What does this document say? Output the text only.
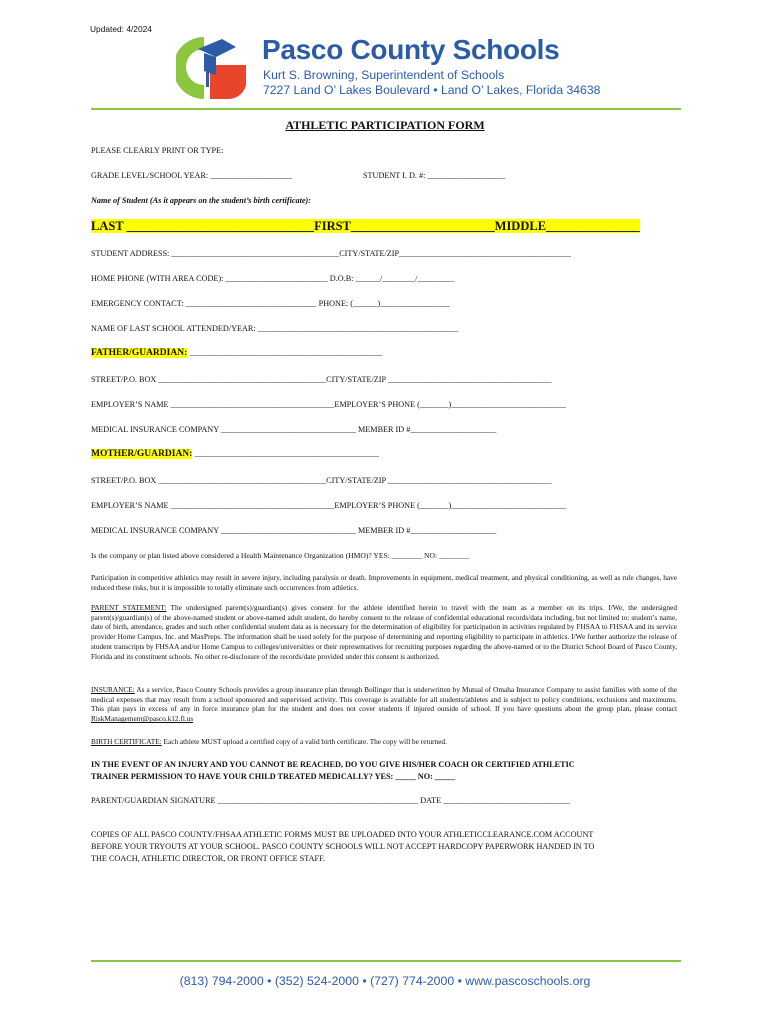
Updated: 4/2024
Pasco County Schools
Kurt S. Browning, Superintendent of Schools
7227 Land O’ Lakes Boulevard • Land O’ Lakes, Florida 34638
ATHLETIC PARTICIPATION FORM
PLEASE CLEARLY PRINT OR TYPE:
GRADE LEVEL/SCHOOL YEAR: ____________________	STUDENT I. D. #: ___________________
Name of Student (As it appears on the student’s birth certificate):
LAST ______________________________FIRST_______________________MIDDLE_______________
STUDENT ADDRESS: _________________________________________CITY/STATE/ZIP__________________________________________
HOME PHONE (WITH AREA CODE): _________________________ D.O.B: ______/________/_________
EMERGENCY CONTACT: ________________________________ PHONE: (______)_________________
NAME OF LAST SCHOOL ATTENDED/YEAR: _________________________________________________
FATHER/GUARDIAN: _______________________________________________
STREET/P.O. BOX _________________________________________CITY/STATE/ZIP ________________________________________
EMPLOYER’S NAME ________________________________________EMPLOYER’S PHONE (_______)____________________________
MEDICAL INSURANCE COMPANY _________________________________ MEMBER ID #_____________________
MOTHER/GUARDIAN: _____________________________________________
STREET/P.O. BOX _________________________________________CITY/STATE/ZIP ________________________________________
EMPLOYER’S NAME ________________________________________EMPLOYER’S PHONE (_______)____________________________
MEDICAL INSURANCE COMPANY _________________________________ MEMBER ID #_____________________
Is the company or plan listed above considered a Health Maintenance Organization (HMO)? YES: ________ NO: ________
Participation in competitive athletics may result in severe injury, including paralysis or death. Improvements in equipment, medical treatment, and physical conditioning, as well as rule changes, have reduced these risks, but it is impossible to totally eliminate such occurrences from athletics.
PARENT STATEMENT: The undersigned parent(s)/guardian(s) gives consent for the athlete identified herein to travel with the team as a member on its trips. I/We, the undersigned parent(s)/guardian(s) of the above-named student or above-named adult student, do hereby consent to the release of confidential educational records/data including, but not limited to: student’s name, date of birth, attendance, grades and such other confidential student data as is necessary for the determination of eligibility for participation in activities regulated by FHSAA to FHSAA and its service provider Home Campus, Inc. and MaxPreps. The information shall be used solely for the purpose of determining and reporting eligibility to participate in athletics. I/We further authorize the release of student transcripts by FHSAA and/or Home Campus to colleges/universities or their representatives for recruiting purposes regarding the above-named or to the District School Board of Pasco County, Florida and its constituent schools. No other re-disclosure of the records/date provided under this consent is authorized.
INSURANCE: As a service, Pasco County Schools provides a group insurance plan through Bollinger that is underwritten by Mutual of Omaha Insurance Company to assist families with some of the medical expenses that may result from a school sponsored and supervised activity. This coverage is available for all students/athletes and is subject to policy conditions, exclusions and maximums. This plan pays in excess of any in force insurance plan for the student and does not cover students if injured outside of school. If you have questions about the group plan, please contact RiskManagement@pasco.k12.fl.us
BIRTH CERTIFICATE: Each athlete MUST upload a certified copy of a valid birth certificate. The copy will be returned.
IN THE EVENT OF AN INJURY AND YOU CANNOT BE REACHED, DO YOU GIVE HIS/HER COACH OR CERTIFIED ATHLETIC
TRAINER PERMISSION TO HAVE YOUR CHILD TREATED MEDICALLY? YES: _____ NO: _____
PARENT/GUARDIAN SIGNATURE _________________________________________________ DATE _______________________________
COPIES OF ALL PASCO COUNTY/FHSAA ATHLETIC FORMS MUST BE UPLOADED INTO YOUR ATHLETICCLEARANCE.COM ACCOUNT
BEFORE YOUR TRYOUTS AT YOUR SCHOOL. PASCO COUNTY SCHOOLS WILL NOT ACCEPT HARDCOPY PAPERWORK HANDED IN TO
THE COACH, ATHLETIC DIRECTOR, OR FRONT OFFICE STAFF.
(813) 794-2000 • (352) 524-2000 • (727) 774-2000 • www.pascoschools.org
